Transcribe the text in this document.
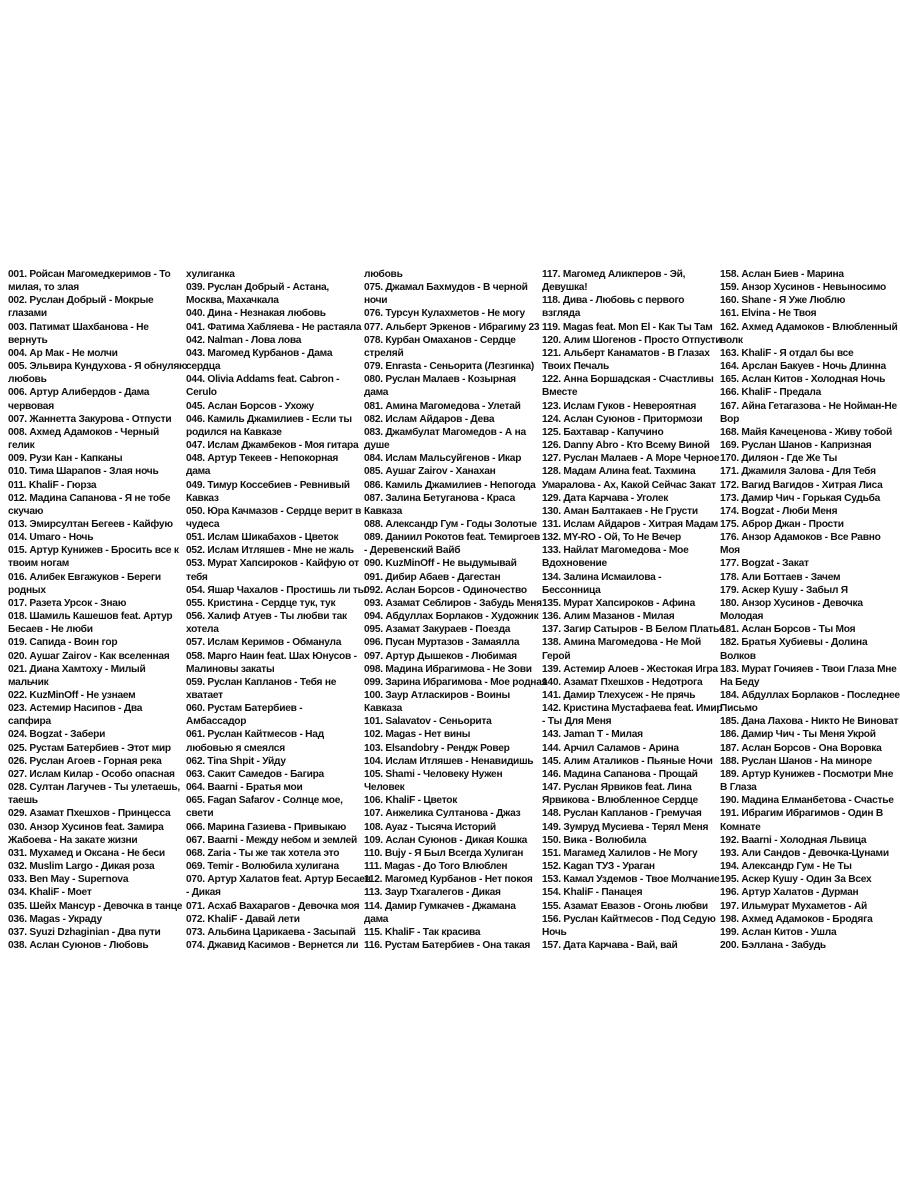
001. Ройсан Магомедкеримов - То
милая, то злая
002. Руслан Добрый - Мокрые
глазами
003. Патимат Шахбанова - Не
вернуть
004. Ар Мак - Не молчи
005. Эльвира Кундухова - Я обнуляю
любовь
006. Артур Алибердов - Дама
червовая
007. Жаннетта Закурова - Отпусти
008. Ахмед Адамоков - Черный
гелик
009. Рузи Кан - Капканы
010. Тима Шарапов - Злая ночь
011. KhaliF - Гюрза
012. Мадина Сапанова - Я не тобе
скучаю
013. Эмирсултан Бегеев - Кайфую
014. Umaro - Ночь
015. Артур Кунижев - Бросить все к
твоим ногам
016. Алибек Евгажуков - Береги
родных
017. Разета Урсок - Знаю
018. Шамиль Кашешов feat. Артур
Бесаев - Не люби
019. Сапида - Воин гор
020. Аушаг Zairov - Как вселенная
021. Диана Хамтоху - Милый
мальчик
022. KuzMinOff - Не узнаем
023. Астемир Насипов - Два
сапфира
024. Bogzat - Забери
025. Рустам Батербиев - Этот мир
026. Руслан Агоев - Горная река
027. Ислам Килар - Особо опасная
028. Султан Лагучев - Ты улетаешь,
таешь
029. Азамат Пхешхов - Принцесса
030. Анзор Хусинов feat. Замира
Жабоева - На закате жизни
031. Мухамед и Оксана - Не беси
032. Muslim Largo - Дикая роза
033. Ben May - Supernova
034. KhaliF - Моет
035. Шейх Мансур - Девочка в танце
036. Magas - Украду
037. Syuzi Dzhaginian - Два пути
038. Аслан Суюнов - Любовь
хулиганка
039. Руслан Добрый - Астана,
Москва, Махачкала
040. Дина - Незнакая любовь
041. Фатима Хабляева - Не растаяла
042. Nalman - Лова лова
043. Магомед Курбанов - Дама
сердца
044. Olivia Addams feat. Cabron -
Cerulo
045. Аслан Борсов - Ухожу
046. Камиль Джамилиев - Если ты
родился на Кавказе
047. Ислам Джамбеков - Моя гитара
048. Артур Текеев - Непокорная
дама
049. Тимур Коссебиев - Ревнивый
Кавказ
050. Юра Качмазов - Сердце верит в
чудеса
051. Ислам Шикабахов - Цветок
052. Ислам Итляшев - Мне не жаль
053. Мурат Хапсироков - Кайфую от
тебя
054. Яшар Чахалов - Простишь ли ты
055. Кристина - Сердце тук, тук
056. Халиф Атуев - Ты любви так
хотела
057. Ислам Керимов - Обманула
058. Марго Наин feat. Шах Юнусов -
Малиновы закаты
059. Руслан Капланов - Тебя не
хватает
060. Рустам Батербиев -
Амбассадор
061. Руслан Кайтмесов - Над
любовью я смеялся
062. Tina Shpit - Уйду
063. Сакит Самедов - Багира
064. Baarni - Братья мои
065. Fagan Safarov - Солнце мое,
свети
066. Марина Газиева - Привыкаю
067. Baarni - Между небом и землей
068. Zaria - Ты же так хотела это
069. Temir - Волюбила хулигана
070. Артур Халатов feat. Артур Бесаев
- Дикая
071. Асхаб Вахарагов - Девочка моя
072. KhaliF - Давай лети
073. Альбина Царикаева - Засыпай
074. Джавид Касимов - Вернется ли
любовь
075. Джамал Бахмудов - В черной
ночи
076. Турсун Кулахметов - Не могу
077. Альберт Эркенов - Ибрагиму 23
078. Курбан Омаханов - Сердце
стреляй
079. Enrasta - Сеньорита (Лезгинка)
080. Руслан Малаев - Козырная
дама
081. Амина Магомедова - Улетай
082. Ислам Айдаров - Дева
083. Джамбулат Магомедов - А на
душе
084. Ислам Мальсуйгенов - Икар
085. Аушаг Zairov - Ханахан
086. Камиль Джамилиев - Непогода
087. Залина Бетуганова - Краса
Кавказа
088. Александр Гум - Годы Золотые
089. Даниил Рокотов feat. Темиргоев
- Деревенский Вайб
090. KuzMinOff - Не выдумывай
091. Дибир Абаев - Дагестан
092. Аслан Борсов - Одиночество
093. Азамат Себлиров - Забудь Меня
094. Абдуллах Борлаков - Художник
095. Азамат Закураев - Поезда
096. Пусан Муртазов - Замаялла
097. Артур Дышеков - Любимая
098. Мадина Ибрагимова - Не Зови
099. Зарина Ибрагимова - Мое родная
100. Заур Атласкиров - Воины
Кавказа
101. Salavatov - Сеньорита
102. Magas - Нет вины
103. Elsandobry - Рендж Ровер
104. Ислам Итляшев - Ненавидишь
105. Shami - Человеку Нужен
Человек
106. KhaliF - Цветок
107. Анжелика Султанова - Джаз
108. Ayaz - Тысяча Историй
109. Аслан Суюнов - Дикая Кошка
110. Bujy - Я Был Всегда Хулиган
111. Magas - До Того Влюблен
112. Магомед Курбанов - Нет покоя
113. Заур Тхагалегов - Дикая
114. Дамир Гумкачев - Джамана
дама
115. KhaliF - Так красива
116. Рустам Батербиев - Она такая
117. Магомед Аликперов - Эй,
Девушка!
118. Дива - Любовь с первого
взгляда
119. Magas feat. Mon El - Как Ты Там
120. Алим Шогенов - Просто Отпусти
121. Альберт Канаматов - В Глазах
Твоих Печаль
122. Анна Боршадская - Счастливы
Вместе
123. Ислам Гуков - Невероятная
124. Аслан Суюнов - Притормози
125. Бахтавар - Капучино
126. Danny Abro - Кто Всему Виной
127. Руслан Малаев - А Море Черное
128. Мадам Алина feat. Тахмина
Умаралова - Ах, Какой Сейчас Закат
129. Дата Карчава - Уголек
130. Аман Балтакаев - Не Грусти
131. Ислам Айдаров - Хитрая Мадам
132. MY-RO - Ой, То Не Вечер
133. Найлат Магомедова - Мое
Вдохновение
134. Залина Исмаилова -
Бессонница
135. Мурат Хапсироков - Афина
136. Алим Мазанов - Милая
137. Загир Сатыров - В Белом Платье
138. Амина Магомедова - Не Мой
Герой
139. Астемир Алоев - Жестокая Игра
140. Азамат Пхешхов - Недотрога
141. Дамир Тлехусеж - Не прячь
142. Кристина Мустафаева feat. Имир
- Ты Для Меня
143. Jaman T - Милая
144. Арчил Саламов - Арина
145. Алим Аталиков - Пьяные Ночи
146. Мадина Сапанова - Прощай
147. Руслан Ярвиков feat. Лина
Ярвикова - Влюбленное Сердце
148. Руслан Капланов - Гремучая
149. Зумруд Мусиева - Терял Меня
150. Вика - Волюбила
151. Магамед Халилов - Не Могу
152. Kagan ТУЗ - Ураган
153. Камал Уздемов - Твое Молчание
154. KhaliF - Панацея
155. Азамат Евазов - Огонь любви
156. Руслан Кайтмесов - Под Седую
Ночь
157. Дата Карчава - Вай, вай
158. Аслан Биев - Марина
159. Анзор Хусинов - Невыносимо
160. Shane - Я Уже Люблю
161. Elvina - Не Твоя
162. Ахмед Адамоков - Влюбленный
волк
163. KhaliF - Я отдал бы все
164. Арслан Бакуев - Ночь Длинна
165. Аслан Китов - Холодная Ночь
166. KhaliF - Предала
167. Айна Гетагазова - Не Нойман-Не
Вор
168. Майя Качеценова - Живу тобой
169. Руслан Шанов - Капризная
170. Диляон - Где Же Ты
171. Джамиля Залова - Для Тебя
172. Вагид Вагидов - Хитрая Лиса
173. Дамир Чич - Горькая Судьба
174. Bogzat - Люби Меня
175. Аброр Джан - Прости
176. Анзор Адамоков - Все Равно
Моя
177. Bogzat - Закат
178. Али Боттаев - Зачем
179. Аскер Кушу - Забыл Я
180. Анзор Хусинов - Девочка
Молодая
181. Аслан Борсов - Ты Моя
182. Братья Хубиевы - Долина
Волков
183. Мурат Гочияев - Твои Глаза Мне
На Беду
184. Абдуллах Борлаков - Последнее
Письмо
185. Дана Лахова - Никто Не Виноват
186. Дамир Чич - Ты Меня Укрой
187. Аслан Борсов - Она Воровка
188. Руслан Шанов - На минорe
189. Артур Кунижев - Посмотри Мне
В Глаза
190. Мадина Елманбетова - Счастье
191. Ибрагим Ибрагимов - Один В
Комнате
192. Baarni - Холодная Львица
193. Али Сандов - Девочка-Цунами
194. Александр Гум - Не Ты
195. Аскер Кушу - Один За Всех
196. Артур Халатов - Дурман
197. Ильмурат Мухаметов - Ай
198. Ахмед Адамоков - Бродяга
199. Аслан Китов - Ушла
200. Бэллана - Забудь
